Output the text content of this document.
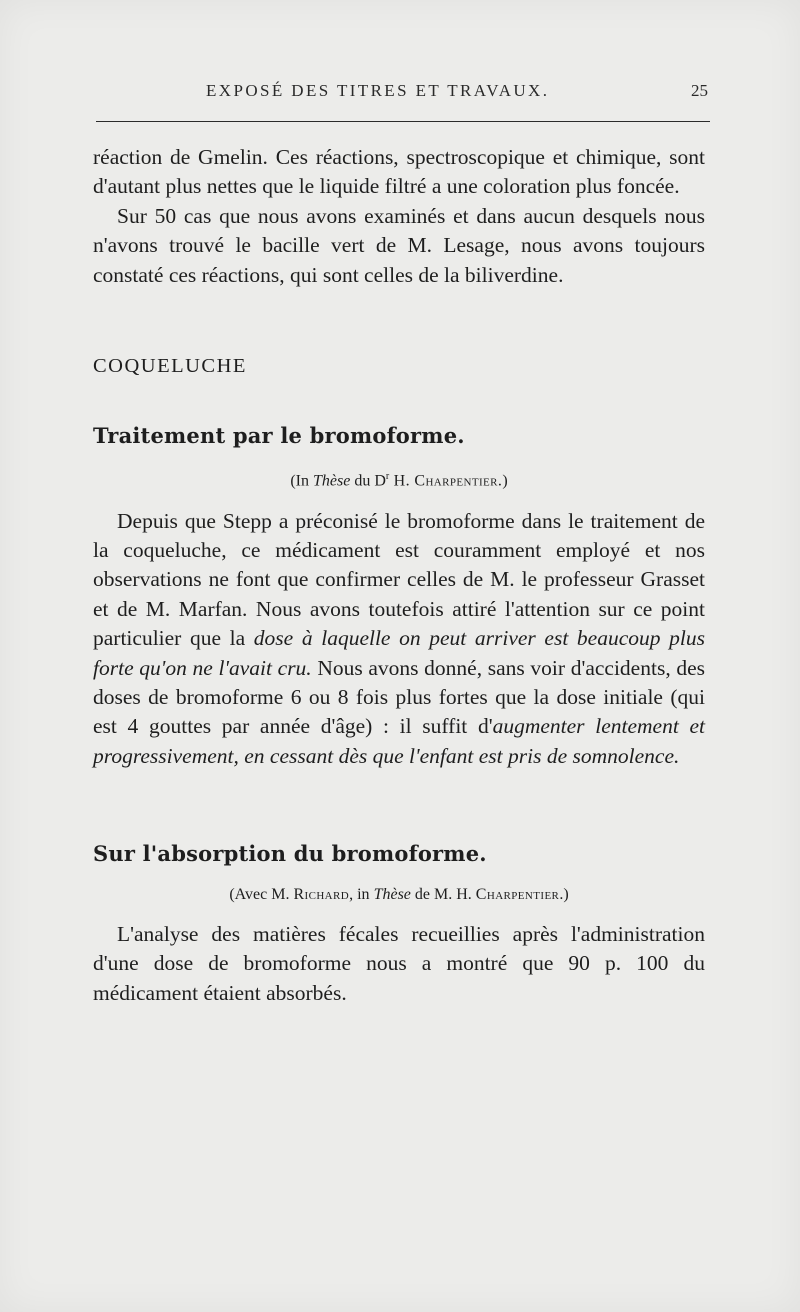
EXPOSÉ DES TITRES ET TRAVAUX.	25

réaction de Gmelin. Ces réactions, spectroscopique et chimique, sont d'autant plus nettes que le liquide filtré a une coloration plus foncée.

Sur 50 cas que nous avons examinés et dans aucun desquels nous n'avons trouvé le bacille vert de M. Lesage, nous avons toujours constaté ces réactions, qui sont celles de la biliverdine.

COQUELUCHE

Traitement par le bromoforme.

(In Thèse du $D^r$ H. Charpentier.)

Depuis que Stepp a préconisé le bromoforme dans le traitement de la coqueluche, ce médicament est couramment employé et nos observations ne font que confirmer celles de M. le professeur Grasset et de M. Marfan. Nous avons toutefois attiré l'attention sur ce point particulier que la dose à laquelle on peut arriver est beaucoup plus forte qu'on ne l'avait cru. Nous avons donné, sans voir d'accidents, des doses de bromoforme 6 ou 8 fois plus fortes que la dose initiale (qui est 4 gouttes par année d'âge) : il suffit d'augmenter lentement et progressivement, en cessant dès que l'enfant est pris de somnolence.

Sur l'absorption du bromoforme.

(Avec M. Richard, in Thèse de M. H. Charpentier.)

L'analyse des matières fécales recueillies après l'administration d'une dose de bromoforme nous a montré que 90 p. 100 du médicament étaient absorbés.
